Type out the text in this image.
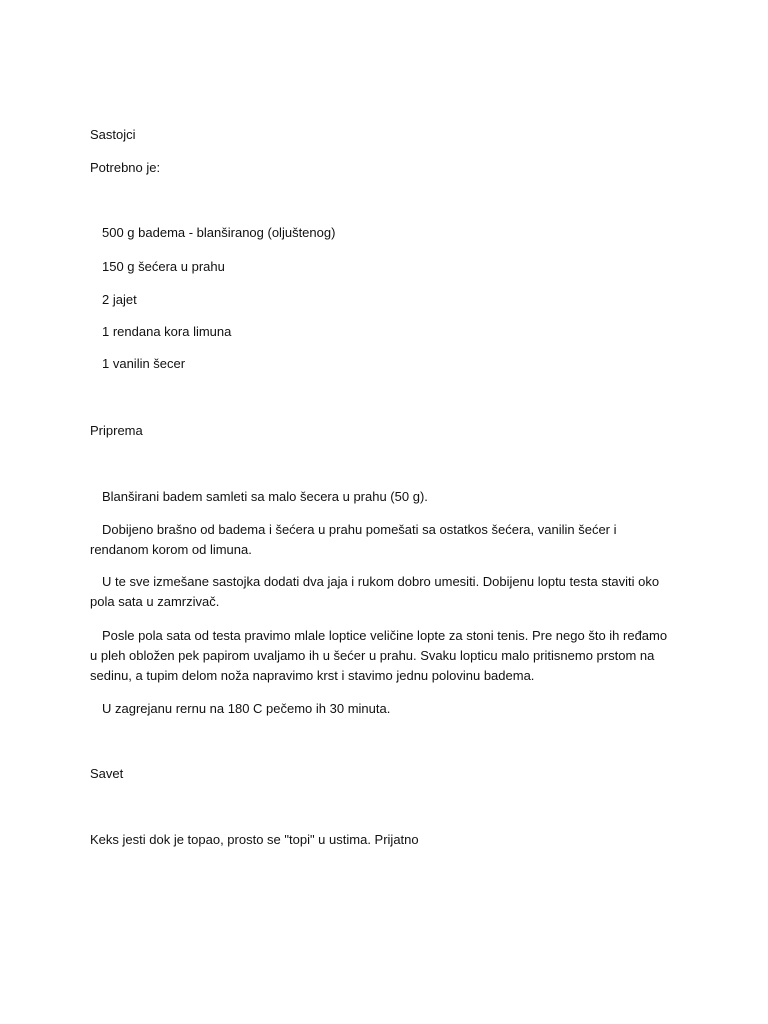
Sastojci

Potrebno je:

500 g badema - blanširanog (oljuštenog)

150 g šećera u prahu

2 jajet

1 rendana kora limuna

1 vanilin šecer

Priprema

Blanširani badem samleti sa malo šecera u prahu (50 g).

Dobijeno brašno od badema i šećera u prahu pomešati sa ostatkos šećera, vanilin šećer i rendanom korom od limuna.

U te sve izmešane sastojka dodati dva jaja i rukom dobro umesiti. Dobijenu loptu testa staviti oko pola sata u zamrzivač.

Posle pola sata od testa pravimo mlale loptice veličine lopte za stoni tenis. Pre nego što ih ređamo u pleh obložen pek papirom uvaljamo ih u šećer u prahu. Svaku lopticu malo pritisnemo prstom na sedinu, a tupim delom noža napravimo krst i stavimo jednu polovinu badema.

U zagrejanu rernu na 180 C pečemo ih 30 minuta.

Savet

Keks jesti dok je topao, prosto se "topi" u ustima. Prijatno
